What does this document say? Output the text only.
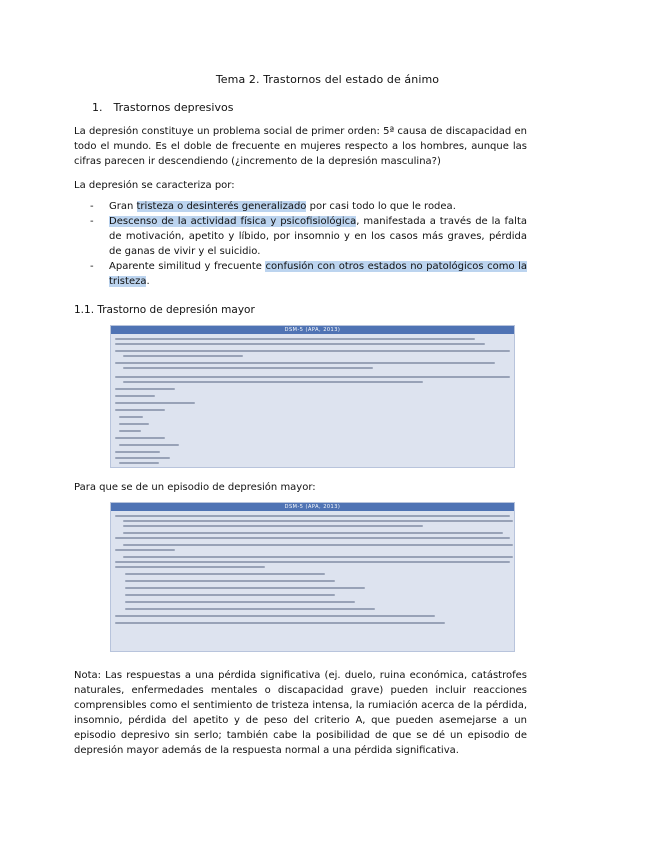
Tema 2. Trastornos del estado de ánimo
1. Trastornos depresivos
La depresión constituye un problema social de primer orden: 5ª causa de discapacidad en todo el mundo. Es el doble de frecuente en mujeres respecto a los hombres, aunque las cifras parecen ir descendiendo (¿incremento de la depresión masculina?)
La depresión se caracteriza por:
- Gran tristeza o desinterés generalizado por casi todo lo que le rodea.
- Descenso de la actividad física y psicofisiológica, manifestada a través de la falta de motivación, apetito y líbido, por insomnio y en los casos más graves, pérdida de ganas de vivir y el suicidio.
- Aparente similitud y frecuente confusión con otros estados no patológicos como la tristeza.
1.1. Trastorno de depresión mayor
DSM-5 (APA, 2013)
Para que se de un episodio de depresión mayor:
DSM-5 (APA, 2013)
Nota: Las respuestas a una pérdida significativa (ej. duelo, ruina económica, catástrofes naturales, enfermedades mentales o discapacidad grave) pueden incluir reacciones comprensibles como el sentimiento de tristeza intensa, la rumiación acerca de la pérdida, insomnio, pérdida del apetito y de peso del criterio A, que pueden asemejarse a un episodio depresivo sin serlo; también cabe la posibilidad de que se dé un episodio de depresión mayor además de la respuesta normal a una pérdida significativa.
